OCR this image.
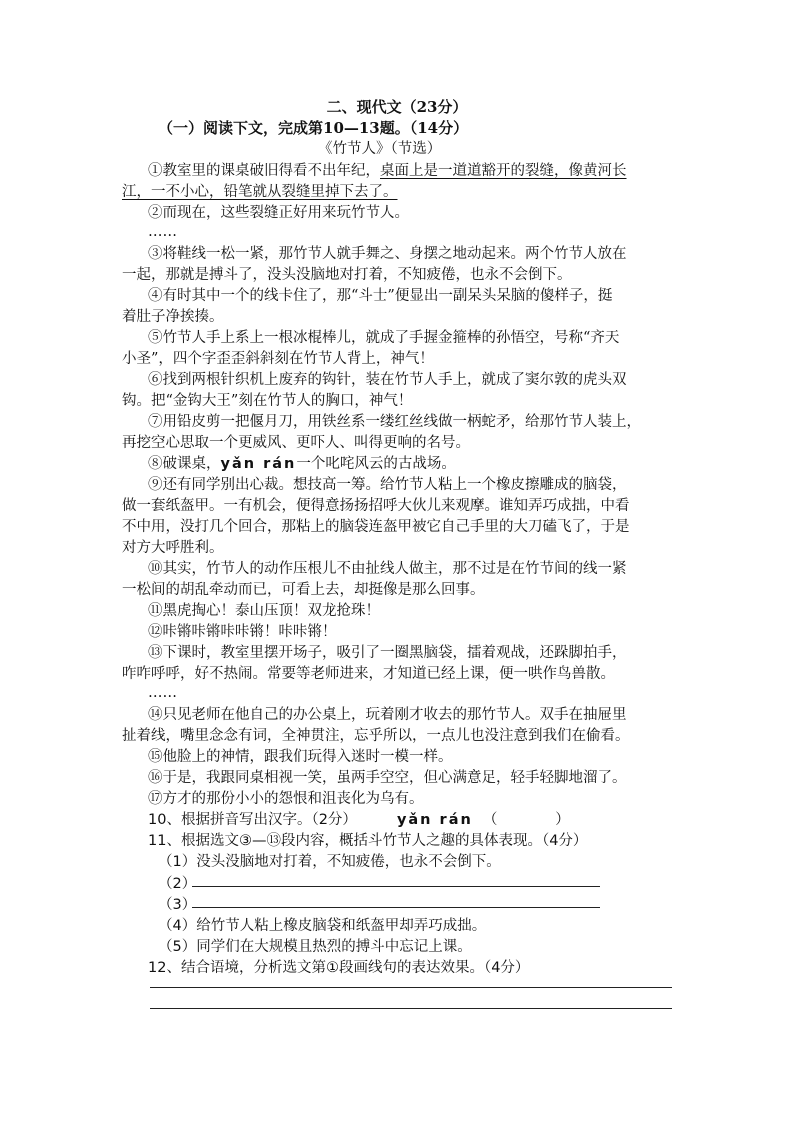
二、现代文（23分）
（一）阅读下文，完成第10—13题。（14分）
《竹节人》（节选）
①教室里的课桌破旧得看不出年纪，桌面上是一道道豁开的裂缝，像黄河长
江，一不小心，铅笔就从裂缝里掉下去了。
②而现在，这些裂缝正好用来玩竹节人。
……
③将鞋线一松一紧，那竹节人就手舞之、身摆之地动起来。两个竹节人放在
一起，那就是搏斗了，没头没脑地对打着，不知疲倦，也永不会倒下。
④有时其中一个的线卡住了，那“斗士”便显出一副呆头呆脑的傻样子，挺
着肚子净挨揍。
⑤竹节人手上系上一根冰棍棒儿，就成了手握金箍棒的孙悟空，号称“齐天
小圣”，四个字歪歪斜斜刻在竹节人背上，神气！
⑥找到两根针织机上废弃的钩针，装在竹节人手上，就成了窦尔敦的虎头双
钩。把“金钩大王”刻在竹节人的胸口，神气！
⑦用铅皮剪一把偃月刀，用铁丝系一缕红丝线做一柄蛇矛，给那竹节人装上，
再挖空心思取一个更威风、更吓人、叫得更响的名号。
⑧破课桌，yǎn rán一个叱咤风云的古战场。
⑨还有同学别出心裁。想技高一筹。给竹节人粘上一个橡皮擦雕成的脑袋，
做一套纸盔甲。一有机会，便得意扬扬招呼大伙儿来观摩。谁知弄巧成拙，中看
不中用，没打几个回合，那粘上的脑袋连盔甲被它自己手里的大刀磕飞了，于是
对方大呼胜利。
⑩其实，竹节人的动作压根儿不由扯线人做主，那不过是在竹节间的线一紧
一松间的胡乱牵动而已，可看上去，却挺像是那么回事。
⑪黑虎掏心！泰山压顶！双龙抢珠！
⑫咔锵咔锵咔咔锵！咔咔锵！
⑬下课时，教室里摆开场子，吸引了一圈黑脑袋，擂着观战，还跺脚拍手，
咋咋呼呼，好不热闹。常要等老师进来，才知道已经上课，便一哄作鸟兽散。
……
⑭只见老师在他自己的办公桌上，玩着刚才收去的那竹节人。双手在抽屉里
扯着线，嘴里念念有词，全神贯注，忘乎所以，一点儿也没注意到我们在偷看。
⑮他脸上的神情，跟我们玩得入迷时一模一样。
⑯于是，我跟同桌相视一笑，虽两手空空，但心满意足，轻手轻脚地溜了。
⑰方才的那份小小的怨恨和沮丧化为乌有。
10、根据拼音写出汉字。（2分）	yǎn rán （　　　　）
11、根据选文③—⑬段内容，概括斗竹节人之趣的具体表现。（4分）
（1）没头没脑地对打着，不知疲倦，也永不会倒下。
（2）
（3）
（4）给竹节人粘上橡皮脑袋和纸盔甲却弄巧成拙。
（5）同学们在大规模且热烈的搏斗中忘记上课。
12、结合语境，分析选文第①段画线句的表达效果。（4分）
